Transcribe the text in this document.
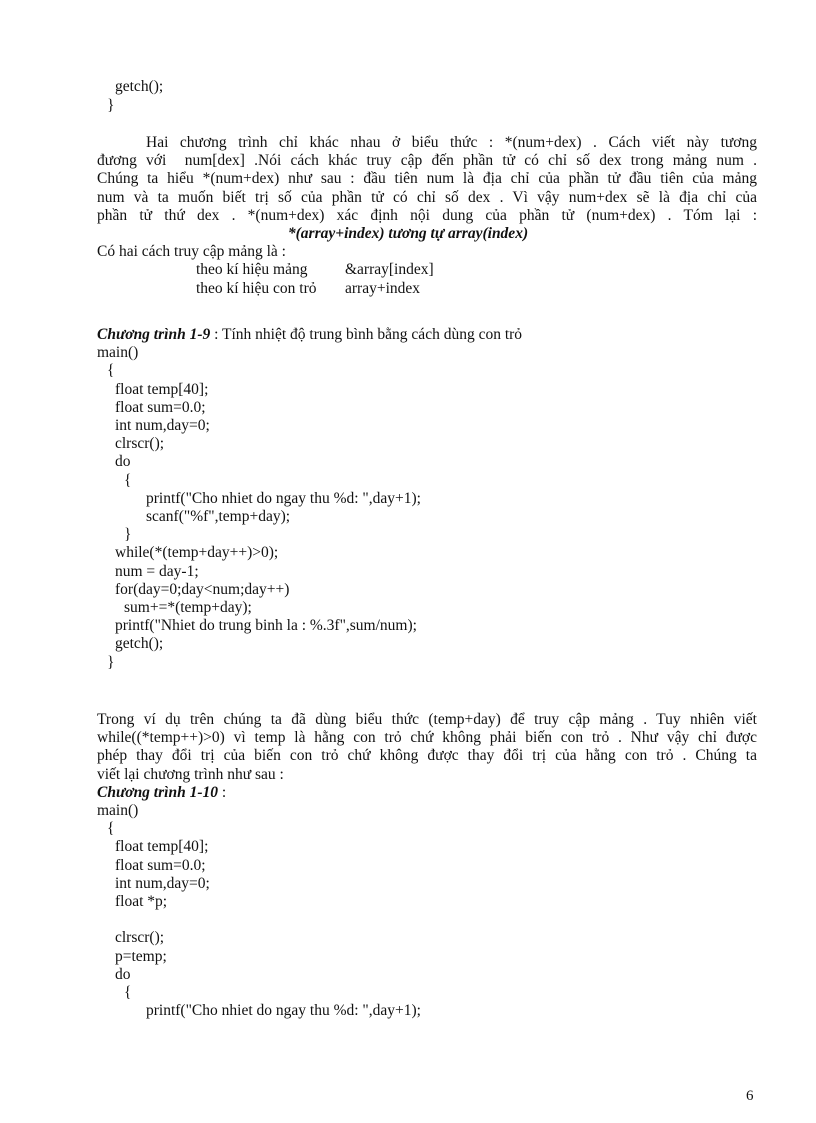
getch();
}
Hai chương trình chỉ khác nhau ở biểu thức : *(num+dex) . Cách viết này tương
đương với  num[dex] .Nói cách khác truy cập đến phần tử có chỉ số dex trong mảng num .
Chúng ta hiểu *(num+dex) như sau : đầu tiên num là địa chỉ của phần tử đầu tiên của mảng
num và ta muốn biết trị số của phần tử có chỉ số dex . Vì vậy num+dex sẽ là địa chỉ của
phần tử thứ dex . *(num+dex) xác định nội dung của phần tử (num+dex) . Tóm lại :
*(array+index) tương tự array(index)
Có hai cách truy cập mảng là :
theo kí hiệu mảng &array[index]
theo kí hiệu con trỏ array+index
Chương trình 1-9 : Tính nhiệt độ trung bình bằng cách dùng con trỏ
main()
{
float temp[40];
float sum=0.0;
int num,day=0;
clrscr();
do
{
printf("Cho nhiet do ngay thu %d: ",day+1);
scanf("%f",temp+day);
}
while(*(temp+day++)>0);
num = day-1;
for(day=0;day<num;day++)
sum+=*(temp+day);
printf("Nhiet do trung binh la : %.3f",sum/num);
getch();
}
Trong ví dụ trên chúng ta đã dùng biểu thức (temp+day) để truy cập mảng . Tuy nhiên viết
while((*temp++)>0) vì temp là hằng con trỏ chứ không phải biến con trỏ . Như vậy chỉ được
phép thay đổi trị của biến con trỏ chứ không được thay đổi trị của hằng con trỏ . Chúng ta
viết lại chương trình như sau :
Chương trình 1-10 :
main()
{
float temp[40];
float sum=0.0;
int num,day=0;
float *p;
clrscr();
p=temp;
do
{
printf("Cho nhiet do ngay thu %d: ",day+1);
6
